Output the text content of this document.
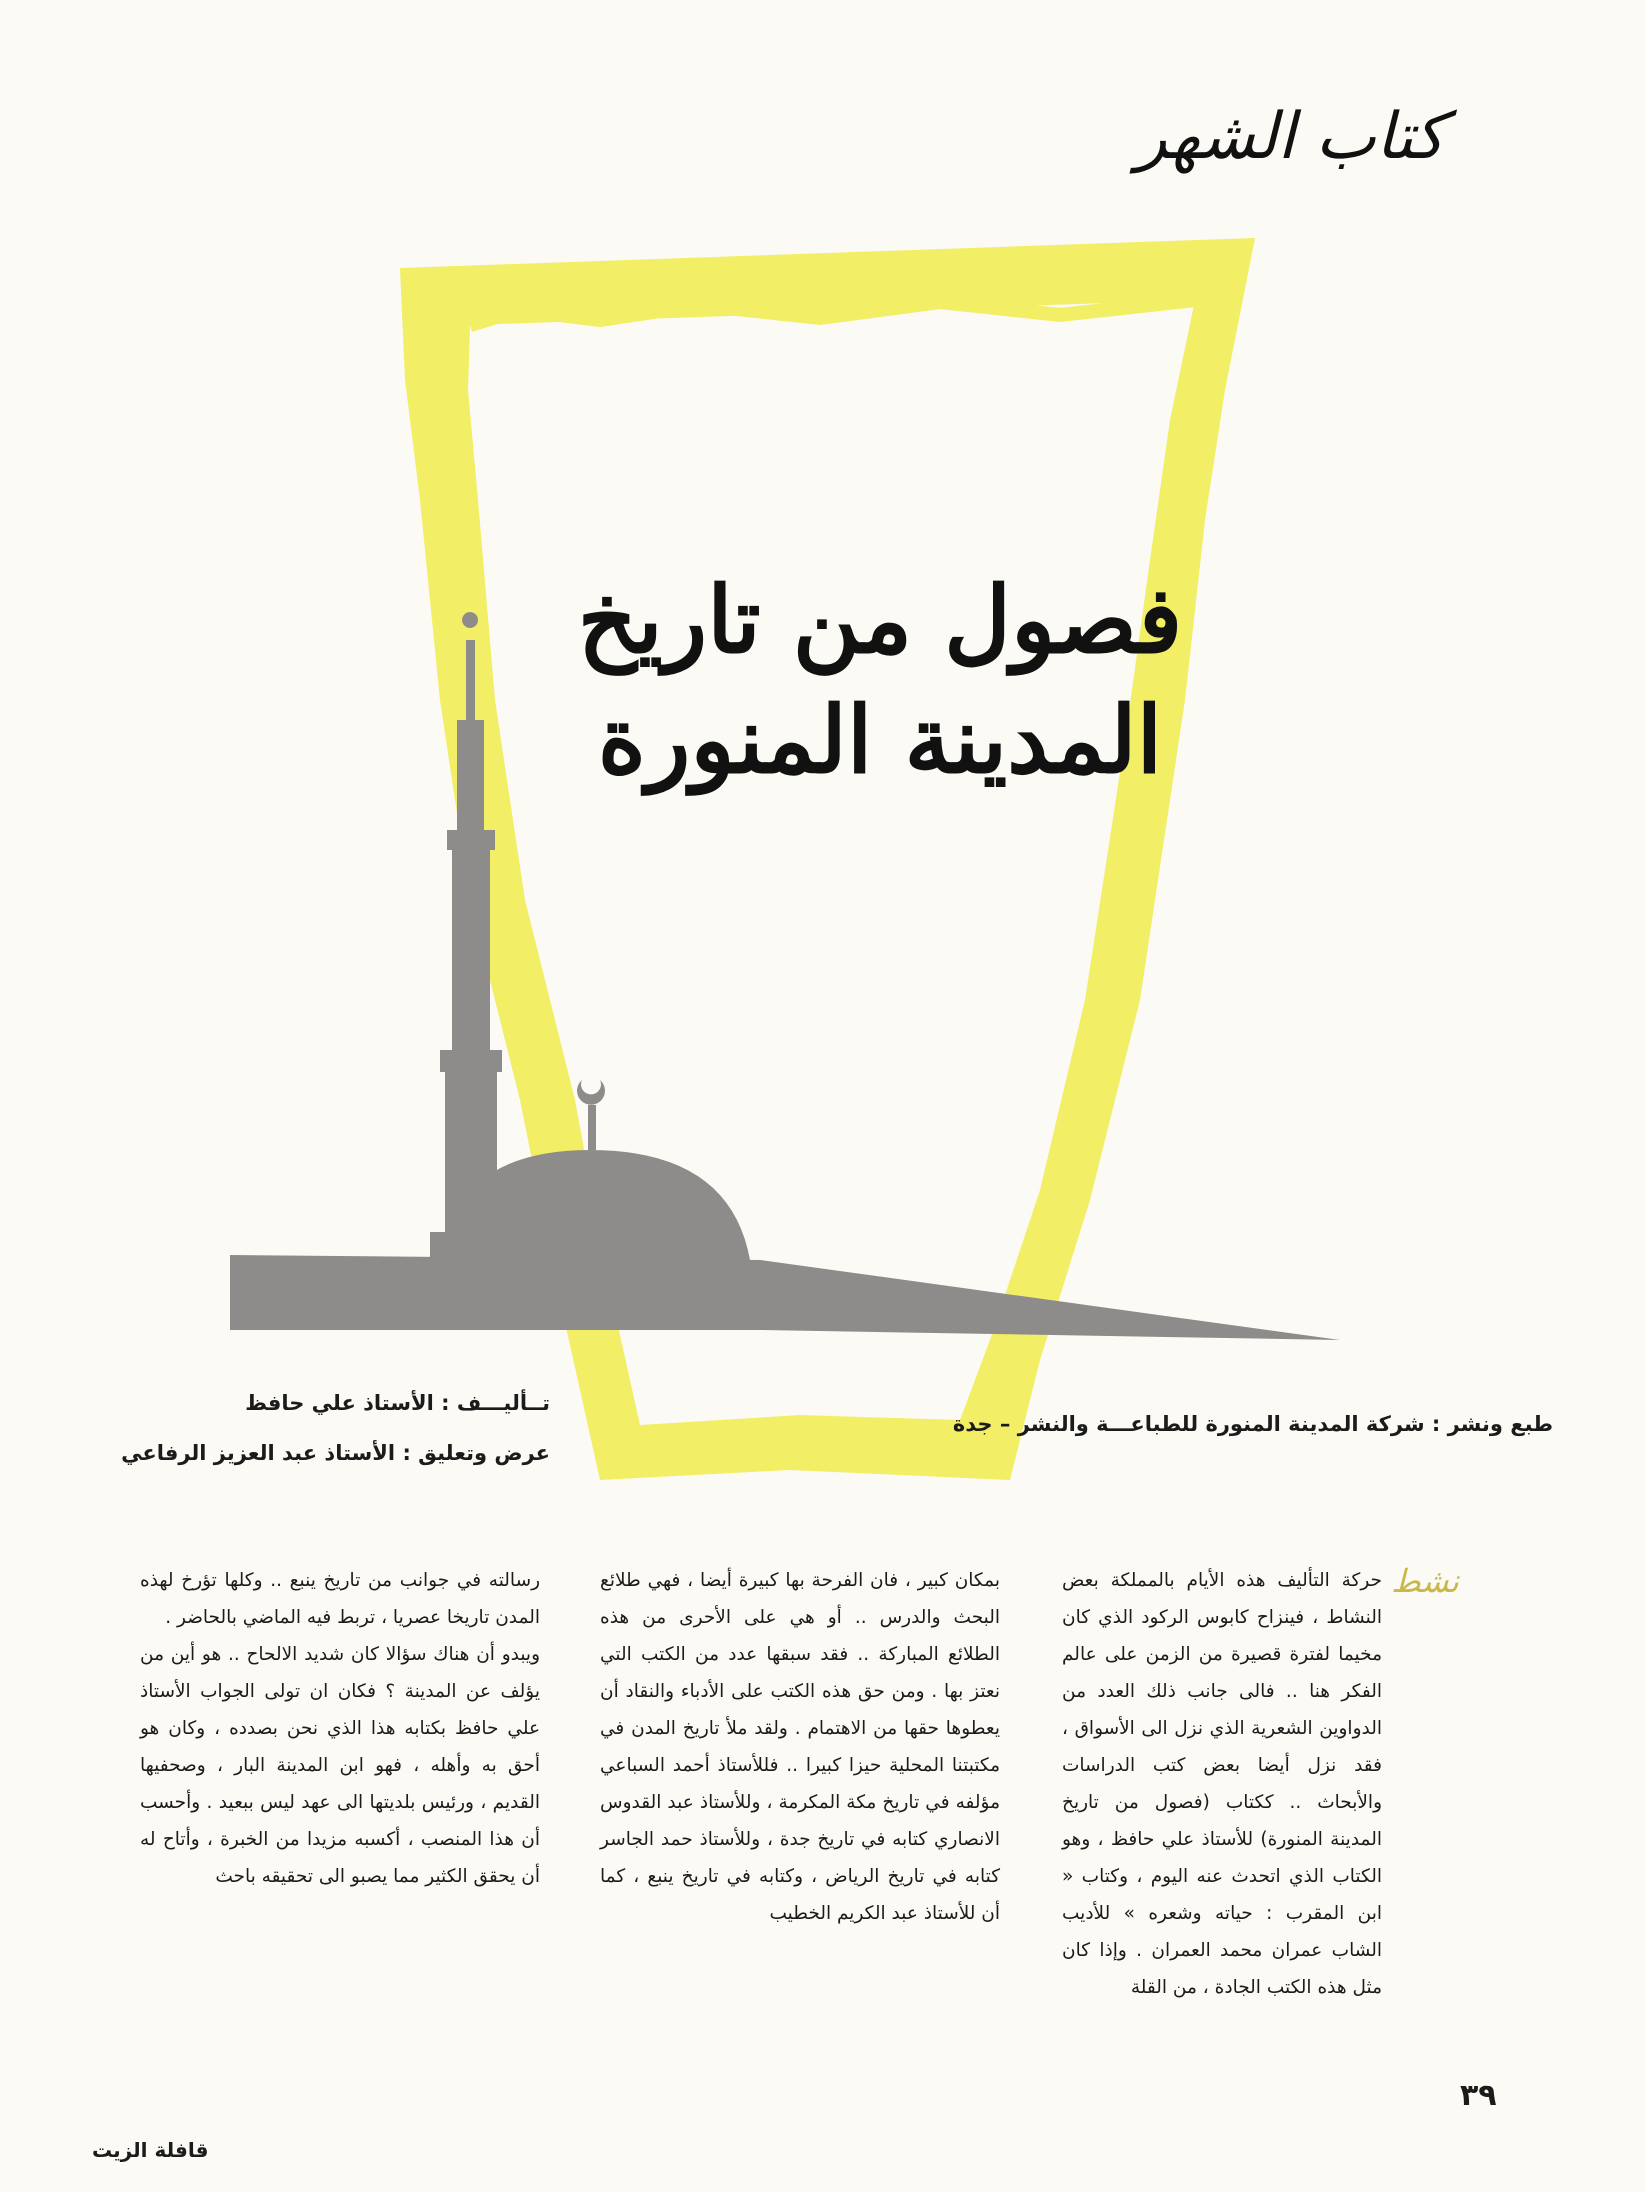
كتاب الشهر
فصول من تاريخ
المدينة المنورة
تــأليـــف : الأستاذ علي حافظ
عرض وتعليق : الأستاذ عبد العزيز الرفاعي
طبع ونشر : شركة المدينة المنورة للطباعـــة والنشر – جدة
نشط

حركة التأليف هذه الأيام بالمملكة بعض النشاط ، فينزاح كابوس الركود الذي كان مخيما لفترة قصيرة من الزمن على عالم الفكر هنا .. فالى جانب ذلك العدد من الدواوين الشعرية الذي نزل الى الأسواق ، فقد نزل أيضا بعض كتب الدراسات والأبحاث .. ككتاب (فصول من تاريخ المدينة المنورة) للأستاذ علي حافظ ، وهو الكتاب الذي اتحدث عنه اليوم ، وكتاب « ابن المقرب : حياته وشعره » للأديب الشاب عمران محمد العمران . وإذا كان مثل هذه الكتب الجادة ، من القلة

بمكان كبير ، فان الفرحة بها كبيرة أيضا ، فهي طلائع البحث والدرس .. أو هي على الأحرى من هذه الطلائع المباركة .. فقد سبقها عدد من الكتب التي نعتز بها . ومن حق هذه الكتب على الأدباء والنقاد أن يعطوها حقها من الاهتمام . ولقد ملأ تاريخ المدن في مكتبتنا المحلية حيزا كبيرا .. فللأستاذ أحمد السباعي مؤلفه في تاريخ مكة المكرمة ، وللأستاذ عبد القدوس الانصاري كتابه في تاريخ جدة ، وللأستاذ حمد الجاسر كتابه في تاريخ الرياض ، وكتابه في تاريخ ينبع ، كما أن للأستاذ عبد الكريم الخطيب

رسالته في جوانب من تاريخ ينبع .. وكلها تؤرخ لهذه المدن تاريخا عصريا ، تربط فيه الماضي بالحاضر .

ويبدو أن هناك سؤالا كان شديد الالحاح .. هو أين من يؤلف عن المدينة ؟ فكان ان تولى الجواب الأستاذ علي حافظ بكتابه هذا الذي نحن بصدده ، وكان هو أحق به وأهله ، فهو ابن المدينة البار ، وصحفيها القديم ، ورئيس بلديتها الى عهد ليس ببعيد . وأحسب أن هذا المنصب ، أكسبه مزيدا من الخبرة ، وأتاح له أن يحقق الكثير مما يصبو الى تحقيقه باحث

٣٩
قافلة الزيت
